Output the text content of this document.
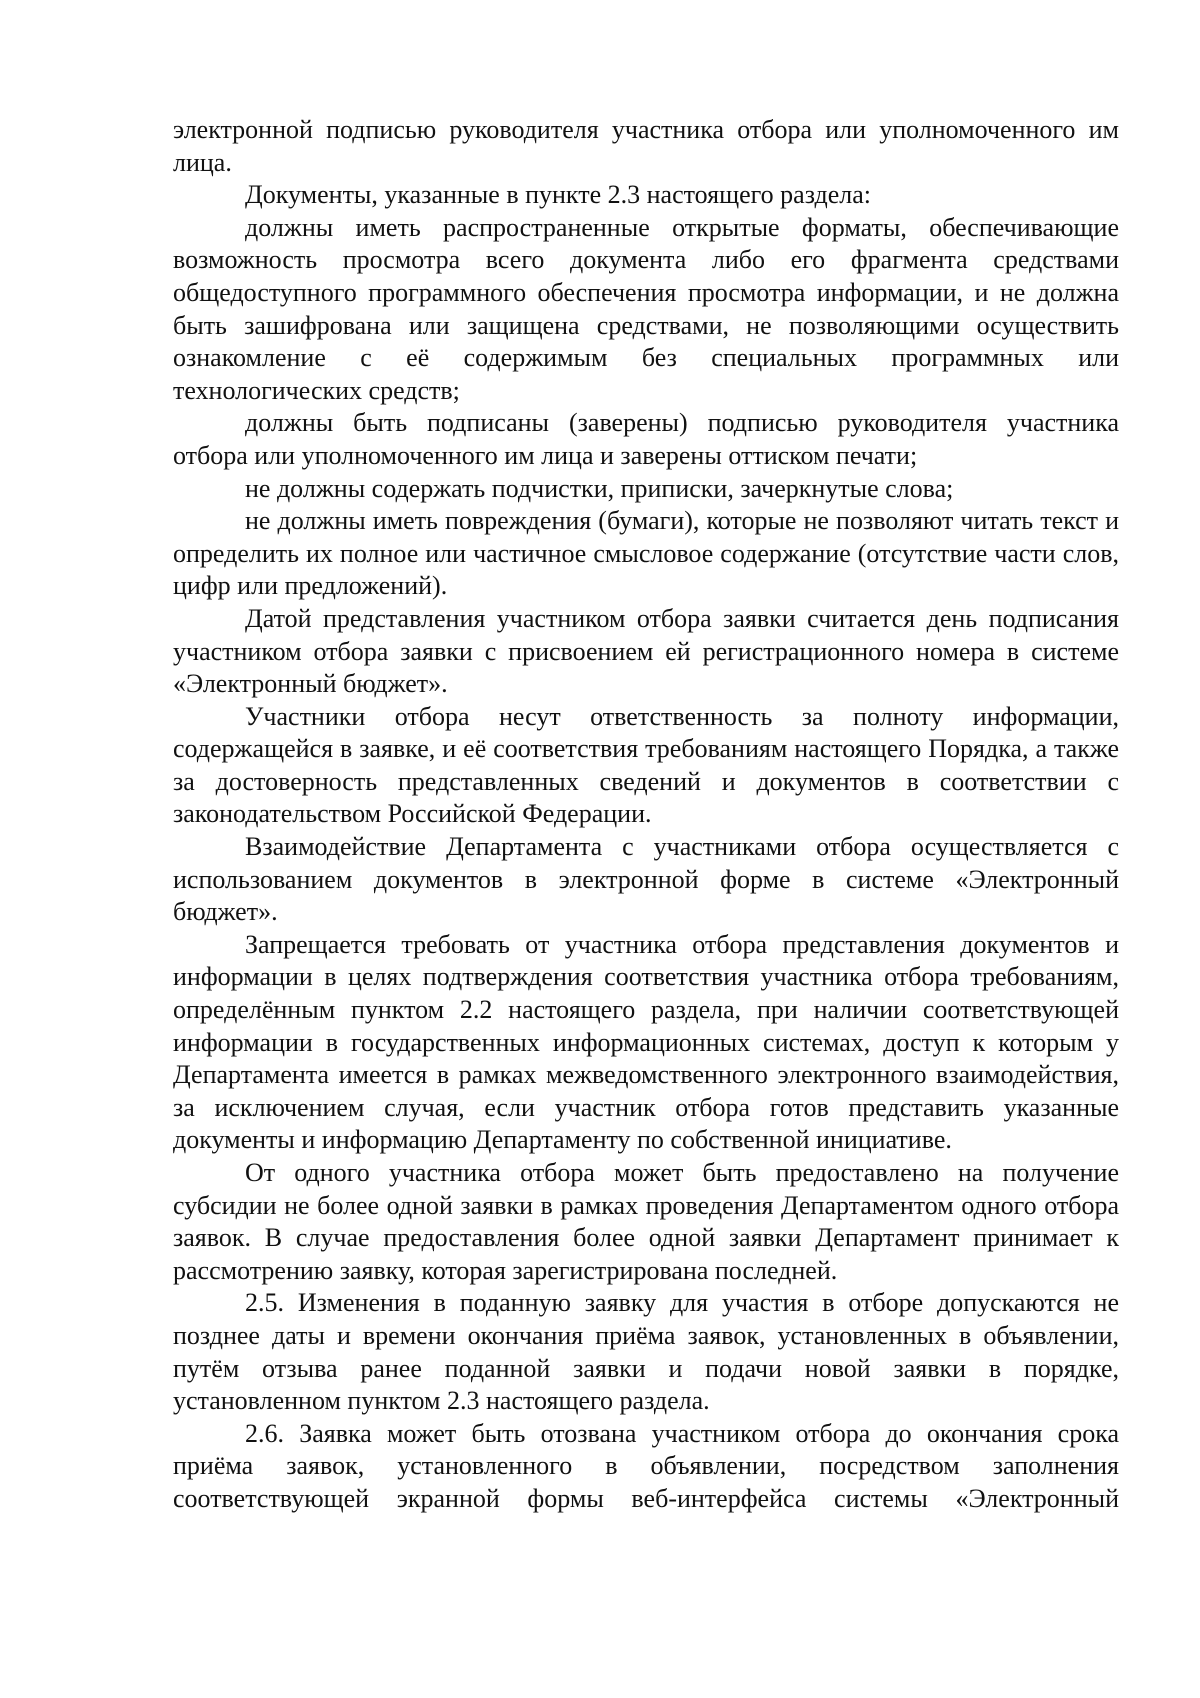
электронной подписью руководителя участника отбора или уполномоченного им лица.

Документы, указанные в пункте 2.3 настоящего раздела:

должны иметь распространенные открытые форматы, обеспечивающие возможность просмотра всего документа либо его фрагмента средствами общедоступного программного обеспечения просмотра информации, и не должна быть зашифрована или защищена средствами, не позволяющими осуществить ознакомление с её содержимым без специальных программных или технологических средств;

должны быть подписаны (заверены) подписью руководителя участника отбора или уполномоченного им лица и заверены оттиском печати;

не должны содержать подчистки, приписки, зачеркнутые слова;

не должны иметь повреждения (бумаги), которые не позволяют читать текст и определить их полное или частичное смысловое содержание (отсутствие части слов, цифр или предложений).

Датой представления участником отбора заявки считается день подписания участником отбора заявки с присвоением ей регистрационного номера в системе «Электронный бюджет».

Участники отбора несут ответственность за полноту информации, содержащейся в заявке, и её соответствия требованиям настоящего Порядка, а также за достоверность представленных сведений и документов в соответствии с законодательством Российской Федерации.

Взаимодействие Департамента с участниками отбора осуществляется с использованием документов в электронной форме в системе «Электронный бюджет».

Запрещается требовать от участника отбора представления документов и информации в целях подтверждения соответствия участника отбора требованиям, определённым пунктом 2.2 настоящего раздела, при наличии соответствующей информации в государственных информационных системах, доступ к которым у Департамента имеется в рамках межведомственного электронного взаимодействия, за исключением случая, если участник отбора готов представить указанные документы и информацию Департаменту по собственной инициативе.

От одного участника отбора может быть предоставлено на получение субсидии не более одной заявки в рамках проведения Департаментом одного отбора заявок. В случае предоставления более одной заявки Департамент принимает к рассмотрению заявку, которая зарегистрирована последней.

2.5. Изменения в поданную заявку для участия в отборе допускаются не позднее даты и времени окончания приёма заявок, установленных в объявлении, путём отзыва ранее поданной заявки и подачи новой заявки в порядке, установленном пунктом 2.3 настоящего раздела.

2.6. Заявка может быть отозвана участником отбора до окончания срока приёма заявок, установленного в объявлении, посредством заполнения соответствующей экранной формы веб-интерфейса системы «Электронный
